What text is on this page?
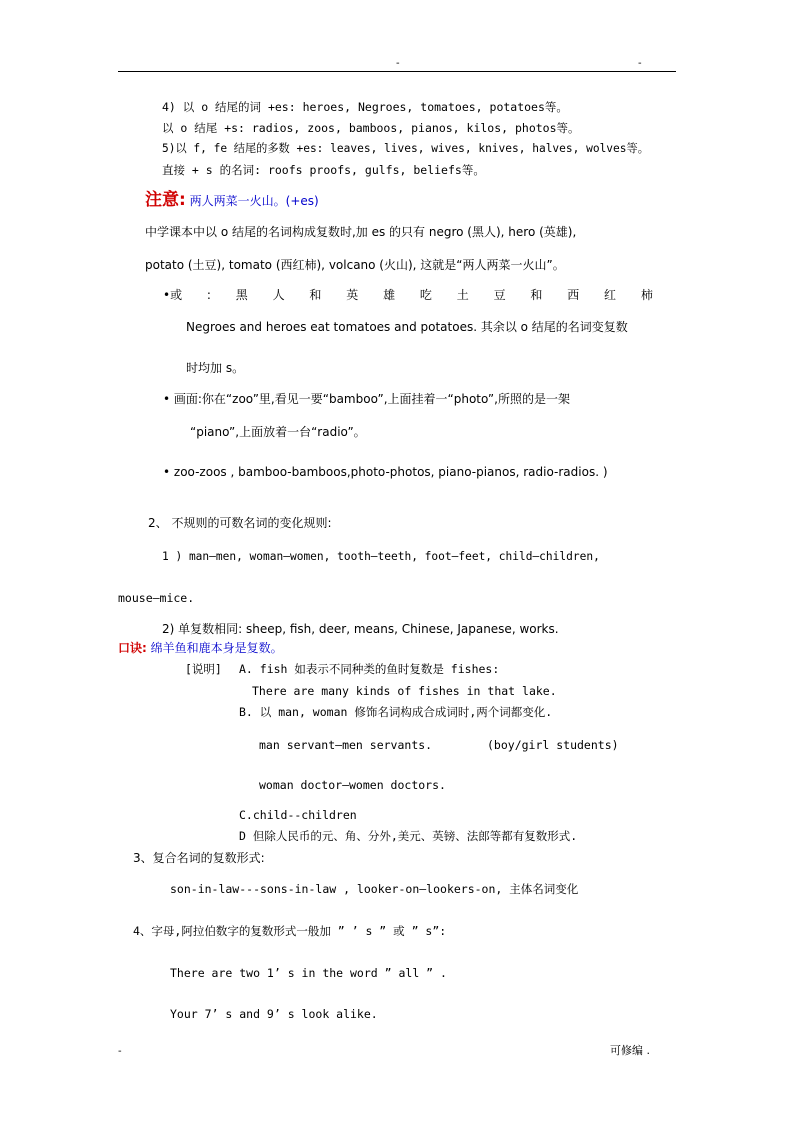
-	-
4) 以 o 结尾的词 +es: heroes, Negroes, tomatoes, potatoes等。
以 o 结尾 +s: radios, zoos, bamboos, pianos, kilos, photos等。
5)以 f, fe 结尾的多数 +es: leaves, lives, wives, knives, halves, wolves等。
直接 + s 的名词: roofs proofs, gulfs, beliefs等。
注意: 两人两菜一火山。(+es)
中学课本中以 o 结尾的名词构成复数时,加 es 的只有 negro (黑人), hero (英雄),
potato (土豆), tomato (西红柿), volcano (火山), 这就是“两人两菜一火山”。
•或 : 黑 人 和 英 雄 吃 土 豆 和 西 红 柿
Negroes and heroes eat tomatoes and potatoes. 其余以 o 结尾的名词变复数
时均加 s。
• 画面:你在“zoo”里,看见一要“bamboo”,上面挂着一“photo”,所照的是一架
“piano”,上面放着一台“radio”。
• zoo-zoos , bamboo-bamboos,photo-photos, piano-pianos, radio-radios. )
2、 不规则的可数名词的变化规则:
1 ) man—men, woman—women, tooth—teeth, foot—feet, child—children,
mouse—mice.
2) 单复数相同: sheep, fish, deer, means, Chinese, Japanese, works.
口诀: 绵羊鱼和鹿本身是复数。
[说明] A. fish 如表示不同种类的鱼时复数是 fishes:
There are many kinds of fishes in that lake.
B. 以 man, woman 修饰名词构成合成词时,两个词都变化.
man servant—men servants.	(boy/girl students)
woman doctor—women doctors.
C.child--children
D 但除人民币的元、角、分外,美元、英镑、法郎等都有复数形式.
3、复合名词的复数形式:
son-in-law---sons-in-law , looker-on—lookers-on, 主体名词变化
4、字母,阿拉伯数字的复数形式一般加 ” ’ s ” 或 ” s”:
There are two 1’ s in the word ” all ” .
Your 7’ s and 9’ s look alike.
-	可修编 .
